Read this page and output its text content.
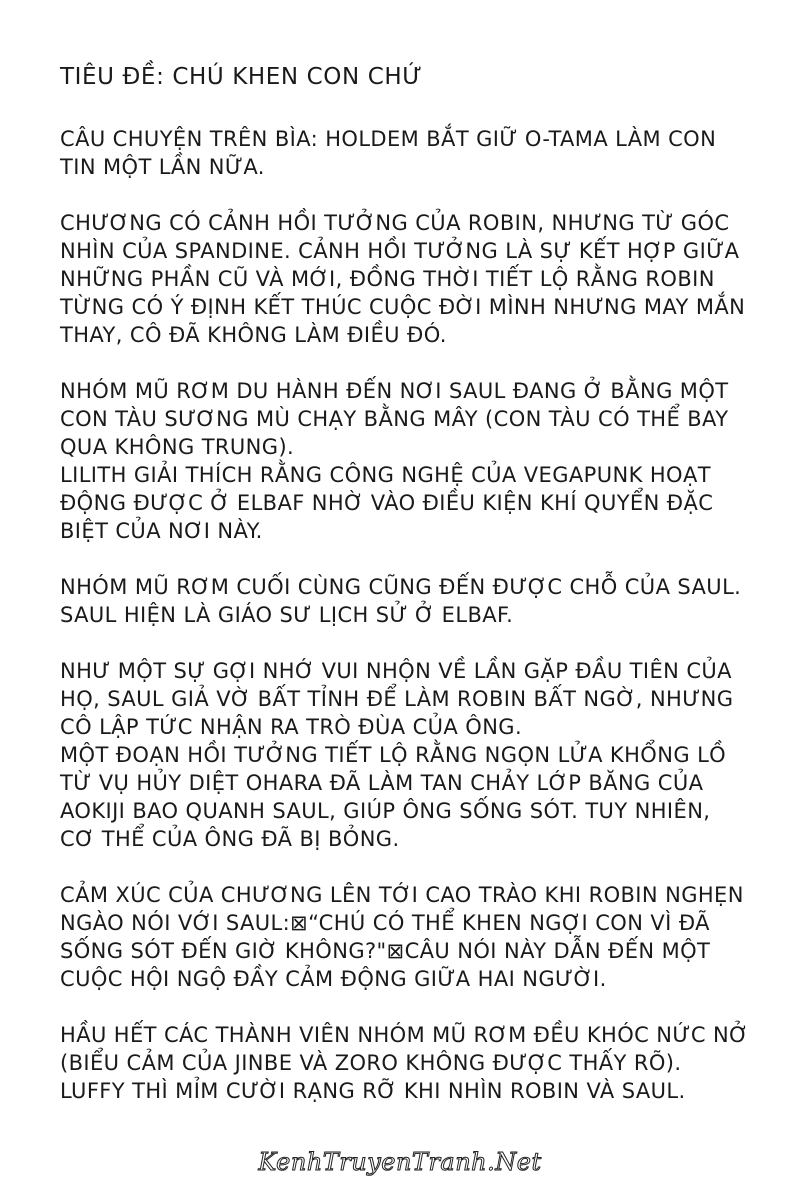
TIÊU ĐỀ: CHÚ KHEN CON CHỨ
CÂU CHUYỆN TRÊN BÌA: HOLDEM BẮT GIỮ O-TAMA LÀM CON
TIN MỘT LẦN NỮA.
CHƯƠNG CÓ CẢNH HỒI TƯỞNG CỦA ROBIN, NHƯNG TỪ GÓC
NHÌN CỦA SPANDINE. CẢNH HỒI TƯỞNG LÀ SỰ KẾT HỢP GIỮA
NHỮNG PHẦN CŨ VÀ MỚI, ĐỒNG THỜI TIẾT LỘ RẰNG ROBIN
TỪNG CÓ Ý ĐỊNH KẾT THÚC CUỘC ĐỜI MÌNH NHƯNG MAY MẮN
THAY, CÔ ĐÃ KHÔNG LÀM ĐIỀU ĐÓ.
NHÓM MŨ RƠM DU HÀNH ĐẾN NƠI SAUL ĐANG Ở BẰNG MỘT
CON TÀU SƯƠNG MÙ CHẠY BẰNG MÂY (CON TÀU CÓ THỂ BAY
QUA KHÔNG TRUNG).
LILITH GIẢI THÍCH RẰNG CÔNG NGHỆ CỦA VEGAPUNK HOẠT
ĐỘNG ĐƯỢC Ở ELBAF NHỜ VÀO ĐIỀU KIỆN KHÍ QUYỂN ĐẶC
BIỆT CỦA NƠI NÀY.
NHÓM MŨ RƠM CUỐI CÙNG CŨNG ĐẾN ĐƯỢC CHỖ CỦA SAUL.
SAUL HIỆN LÀ GIÁO SƯ LỊCH SỬ Ở ELBAF.
NHƯ MỘT SỰ GỢI NHỚ VUI NHỘN VỀ LẦN GẶP ĐẦU TIÊN CỦA
HỌ, SAUL GIẢ VỜ BẤT TỈNH ĐỂ LÀM ROBIN BẤT NGỜ, NHƯNG
CÔ LẬP TỨC NHẬN RA TRÒ ĐÙA CỦA ÔNG.
MỘT ĐOẠN HỒI TƯỞNG TIẾT LỘ RẰNG NGỌN LỬA KHỔNG LỒ
TỪ VỤ HỦY DIỆT OHARA ĐÃ LÀM TAN CHẢY LỚP BĂNG CỦA
AOKIJI BAO QUANH SAUL, GIÚP ÔNG SỐNG SÓT. TUY NHIÊN,
CƠ THỂ CỦA ÔNG ĐÃ BỊ BỎNG.
CẢM XÚC CỦA CHƯƠNG LÊN TỚI CAO TRÀO KHI ROBIN NGHẸN
NGÀO NÓI VỚI SAUL:⊠“CHÚ CÓ THỂ KHEN NGỢI CON VÌ ĐÃ
SỐNG SÓT ĐẾN GIỜ KHÔNG?"⊠CÂU NÓI NÀY DẪN ĐẾN MỘT
CUỘC HỘI NGỘ ĐẦY CẢM ĐỘNG GIỮA HAI NGƯỜI.
HẦU HẾT CÁC THÀNH VIÊN NHÓM MŨ RƠM ĐỀU KHÓC NỨC NỞ
(BIỂU CẢM CỦA JINBE VÀ ZORO KHÔNG ĐƯỢC THẤY RÕ).
LUFFY THÌ MỈM CƯỜI RẠNG RỠ KHI NHÌN ROBIN VÀ SAUL.
KenhTruyenTranh.Net
